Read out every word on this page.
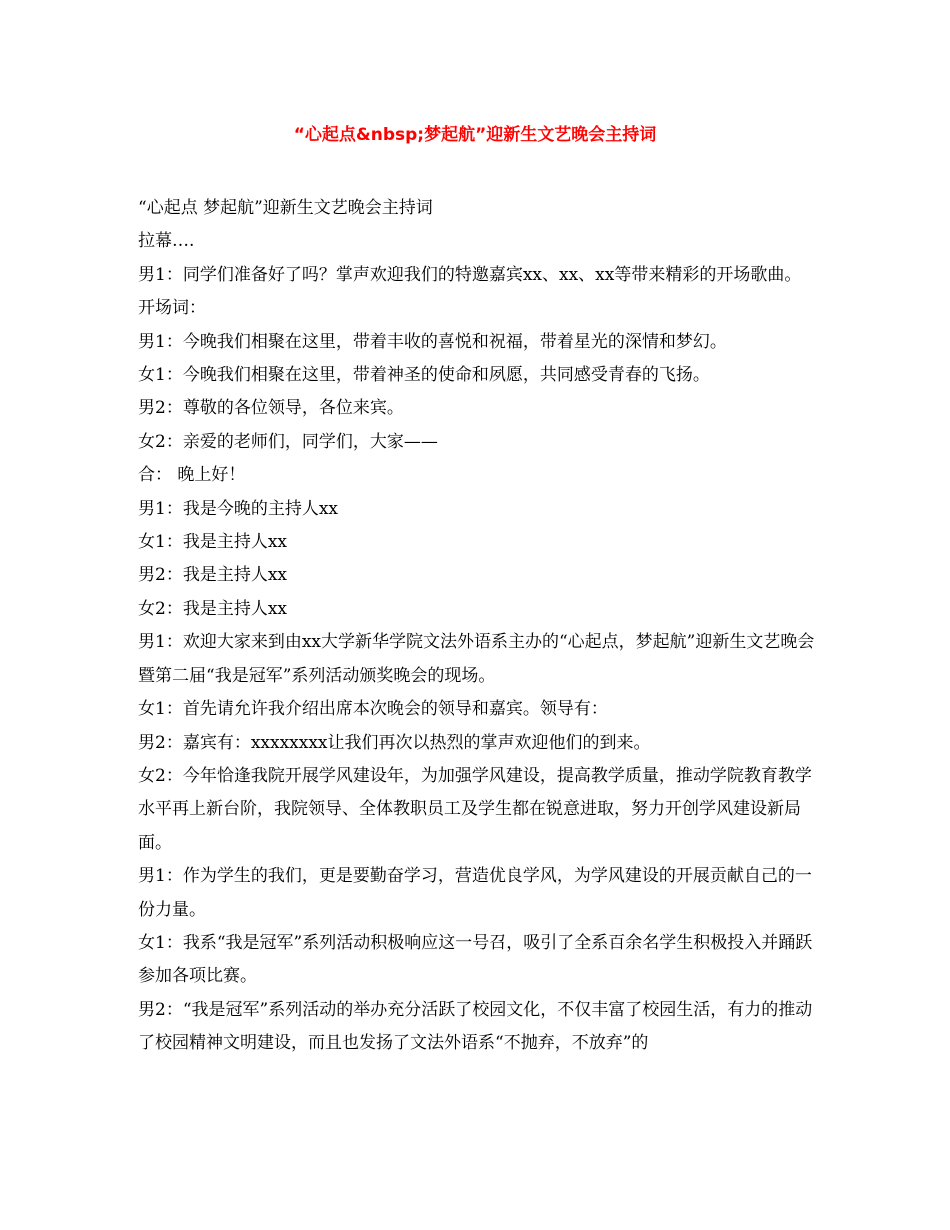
“心起点&nbsp;梦起航”迎新生文艺晚会主持词

“心起点 梦起航”迎新生文艺晚会主持词

拉幕….

男1：同学们准备好了吗？掌声欢迎我们的特邀嘉宾xx、xx、xx等带来精彩的开场歌曲。

开场词：

男1：今晚我们相聚在这里，带着丰收的喜悦和祝福，带着星光的深情和梦幻。

女1：今晚我们相聚在这里，带着神圣的使命和夙愿，共同感受青春的飞扬。

男2：尊敬的各位领导，各位来宾。

女2：亲爱的老师们，同学们，大家——

合： 晚上好！

男1：我是今晚的主持人xx

女1：我是主持人xx

男2：我是主持人xx

女2：我是主持人xx

男1：欢迎大家来到由xx大学新华学院文法外语系主办的“心起点，梦起航”迎新生文艺晚会暨第二届“我是冠军”系列活动颁奖晚会的现场。

女1：首先请允许我介绍出席本次晚会的领导和嘉宾。领导有：

男2：嘉宾有：xxxxxxxx让我们再次以热烈的掌声欢迎他们的到来。

女2：今年恰逢我院开展学风建设年，为加强学风建设，提高教学质量，推动学院教育教学水平再上新台阶，我院领导、全体教职员工及学生都在锐意进取，努力开创学风建设新局面。

男1：作为学生的我们，更是要勤奋学习，营造优良学风，为学风建设的开展贡献自己的一份力量。

女1：我系“我是冠军”系列活动积极响应这一号召，吸引了全系百余名学生积极投入并踊跃参加各项比赛。

男2：“我是冠军”系列活动的举办充分活跃了校园文化，不仅丰富了校园生活，有力的推动了校园精神文明建设，而且也发扬了文法外语系“不抛弃，不放弃”的
